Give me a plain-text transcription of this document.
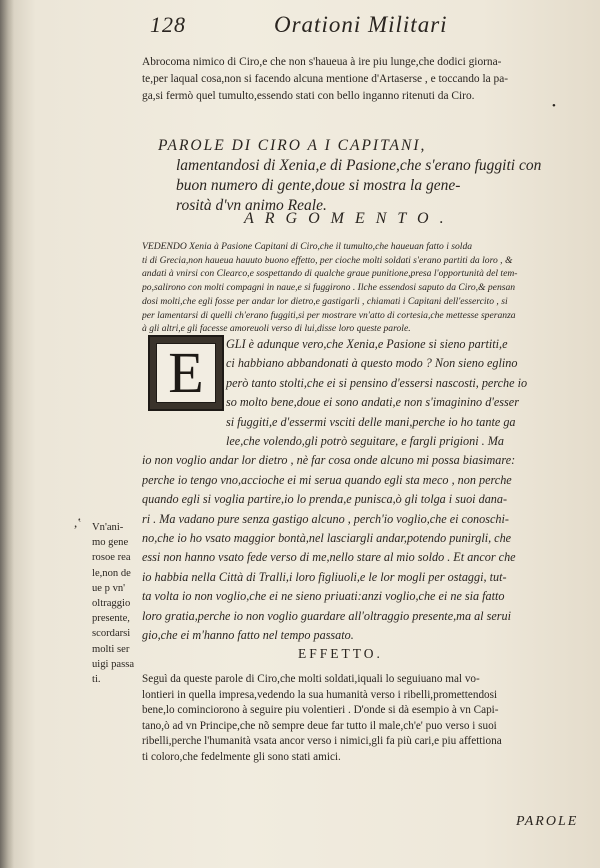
128	Orationi Militari
Abrocoma nimico di Ciro,e che non s'haueua à ire piu lunge,che dodici giorna-
te,per laqual cosa,non si facendo alcuna mentione d'Artaserse , e toccando la pa-
ga,si fermò quel tumulto,essendo stati con bello inganno ritenuti da Ciro.
•
PAROLE DI CIRO A I CAPITANI,
lamentandosi di Xenia,e di Pasione,che s'erano fuggiti con
buon numero di gente,doue si mostra la gene-
rosità d'vn animo Reale.
ARGOMENTO.
VEDENDO Xenia à Pasione Capitani di Ciro,che il tumulto,che haueuan fatto i solda
ti di Grecia,non haueua hauuto buono effetto, per cioche molti soldati s'erano partiti da loro , &
andati à vnirsi con Clearco,e sospettando di qualche graue punitione,presa l'opportunità del tem-
po,salirono con molti compagni in naue,e si fuggirono . Ilche essendosi saputo da Ciro,& pensan
dosi molti,che egli fosse per andar lor dietro,e gastigarli , chiamati i Capitani dell'essercito , si
per lamentarsi di quelli ch'erano fuggiti,si per mostrare vn'atto di cortesia,che mettesse speranza
à gli altri,e gli facesse amoreuoli verso di lui,disse loro queste parole.
E	GLI è adunque vero,che Xenia,e Pasione si sieno partiti,e
ci habbiano abbandonati à questo modo ? Non sieno eglino
però tanto stolti,che ei si pensino d'essersi nascosti, perche io
so molto bene,doue ei sono andati,e non s'imaginino d'esser
si fuggiti,e d'essermi vsciti delle mani,perche io ho tante ga
lee,che volendo,gli potrò seguitare, e fargli prigioni . Ma
io non voglio andar lor dietro , nè far cosa onde alcuno mi possa biasimare:
perche io tengo vno,accioche ei mi serua quando egli sta meco , non perche
quando egli si voglia partire,io lo prenda,e punisca,ò gli tolga i suoi dana-
ri . Ma vadano pure senza gastigo alcuno , perch'io voglio,che ei conoschi-
no,che io ho vsato maggior bontà,nel lasciargli andar,potendo punirgli, che
essi non hanno vsato fede verso di me,nello stare al mio soldo . Et ancor che
io habbia nella Città di Tralli,i loro figliuoli,e le lor mogli per ostaggi, tut-
ta volta io non voglio,che ei ne sieno priuati:anzi voglio,che ei ne sia fatto
loro gratia,perche io non voglio guardare all'oltraggio presente,ma al serui
gio,che ei m'hanno fatto nel tempo passato.
,‛ Vn'ani-
mo gene
rosoe rea
le,non de
ue p vn'
oltraggio
presente,
scordarsi
molti ser
uigi passa
ti.
EFFETTO.
Seguì da queste parole di Ciro,che molti soldati,iquali lo seguiuano mal vo-
lontieri in quella impresa,vedendo la sua humanità verso i ribelli,promettendosi
bene,lo cominciorono à seguire piu volentieri . D'onde si dà esempio à vn Capi-
tano,ò ad vn Principe,che nõ sempre deue far tutto il male,ch'e' puo verso i suoi
ribelli,perche l'humanità vsata ancor verso i nimici,gli fa più cari,e piu affettiona
ti coloro,che fedelmente gli sono stati amici.
PAROLE
